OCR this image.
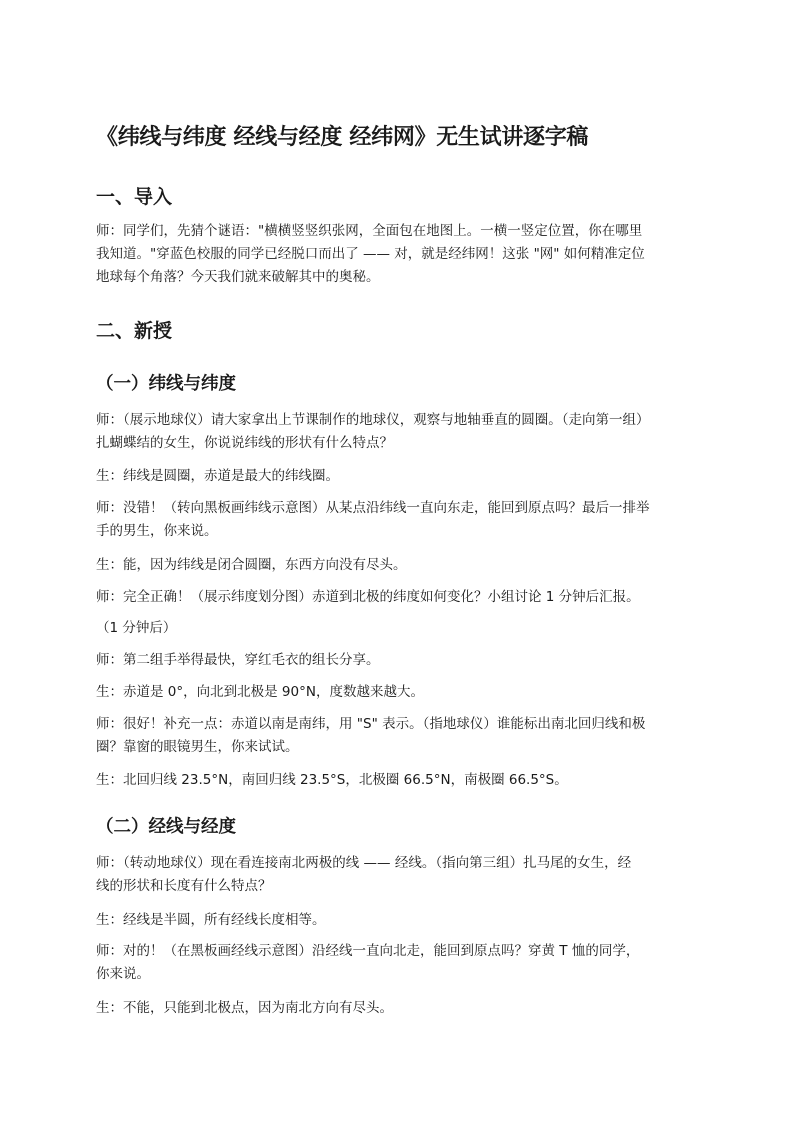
《纬线与纬度 经线与经度 经纬网》无生试讲逐字稿
一、导入

师：同学们，先猜个谜语："横横竖竖织张网，全面包在地图上。一横一竖定位置，你在哪里
我知道。"穿蓝色校服的同学已经脱口而出了 —— 对，就是经纬网！这张 "网" 如何精准定位
地球每个角落？今天我们就来破解其中的奥秘。

二、新授
（一）纬线与纬度

师：（展示地球仪）请大家拿出上节课制作的地球仪，观察与地轴垂直的圆圈。（走向第一组）
扎蝴蝶结的女生，你说说纬线的形状有什么特点？

生：纬线是圆圈，赤道是最大的纬线圈。

师：没错！（转向黑板画纬线示意图）从某点沿纬线一直向东走，能回到原点吗？最后一排举
手的男生，你来说。

生：能，因为纬线是闭合圆圈，东西方向没有尽头。

师：完全正确！（展示纬度划分图）赤道到北极的纬度如何变化？小组讨论 1 分钟后汇报。

（1 分钟后）

师：第二组手举得最快，穿红毛衣的组长分享。

生：赤道是 0°，向北到北极是 90°N，度数越来越大。

师：很好！补充一点：赤道以南是南纬，用 "S" 表示。（指地球仪）谁能标出南北回归线和极
圈？靠窗的眼镜男生，你来试试。

生：北回归线 23.5°N，南回归线 23.5°S，北极圈 66.5°N，南极圈 66.5°S。

（二）经线与经度

师：（转动地球仪）现在看连接南北两极的线 —— 经线。（指向第三组）扎马尾的女生，经
线的形状和长度有什么特点？

生：经线是半圆，所有经线长度相等。

师：对的！（在黑板画经线示意图）沿经线一直向北走，能回到原点吗？穿黄 T 恤的同学，
你来说。

生：不能，只能到北极点，因为南北方向有尽头。
